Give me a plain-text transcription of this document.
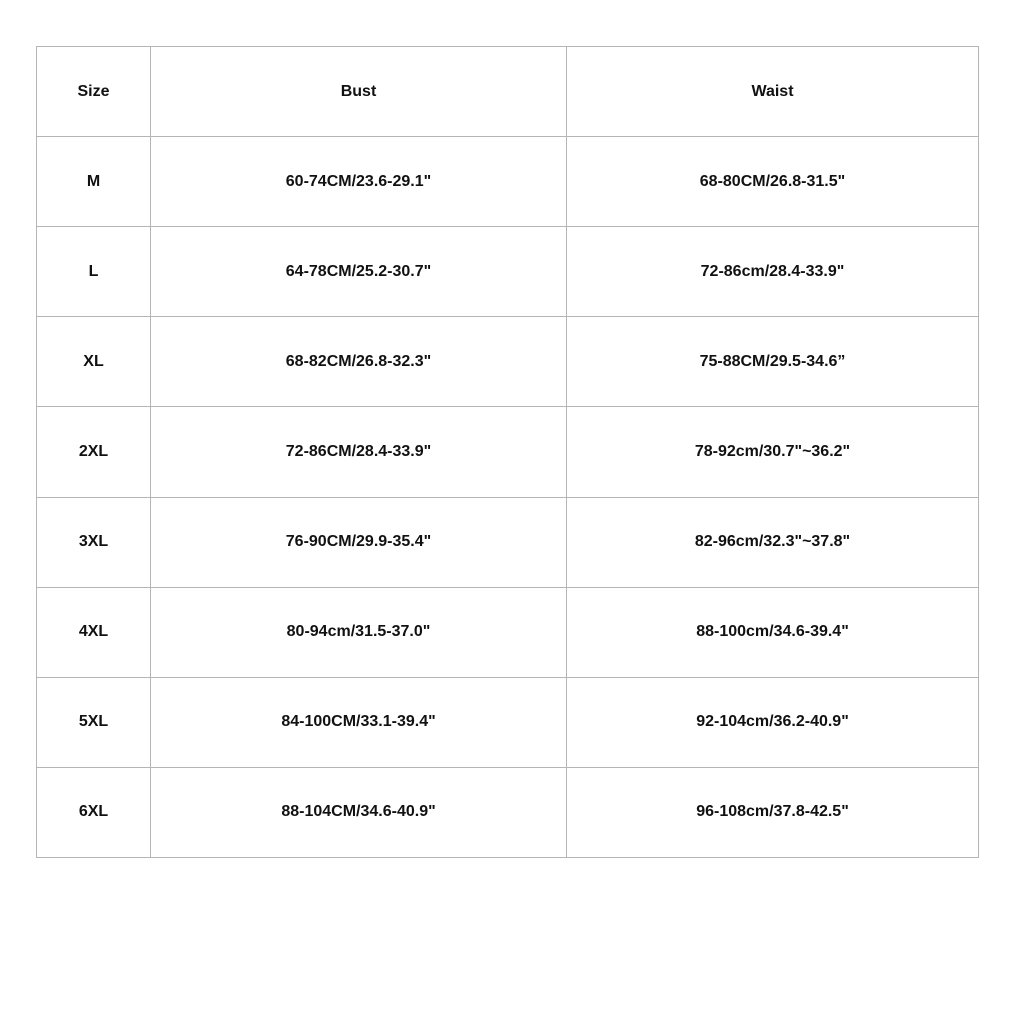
Size	Bust	Waist
M	60-74CM/23.6-29.1"	68-80CM/26.8-31.5"
L	64-78CM/25.2-30.7"	72-86cm/28.4-33.9"
XL	68-82CM/26.8-32.3"	75-88CM/29.5-34.6”
2XL	72-86CM/28.4-33.9"	78-92cm/30.7"~36.2"
3XL	76-90CM/29.9-35.4"	82-96cm/32.3"~37.8"
4XL	80-94cm/31.5-37.0"	88-100cm/34.6-39.4"
5XL	84-100CM/33.1-39.4"	92-104cm/36.2-40.9"
6XL	88-104CM/34.6-40.9"	96-108cm/37.8-42.5"
